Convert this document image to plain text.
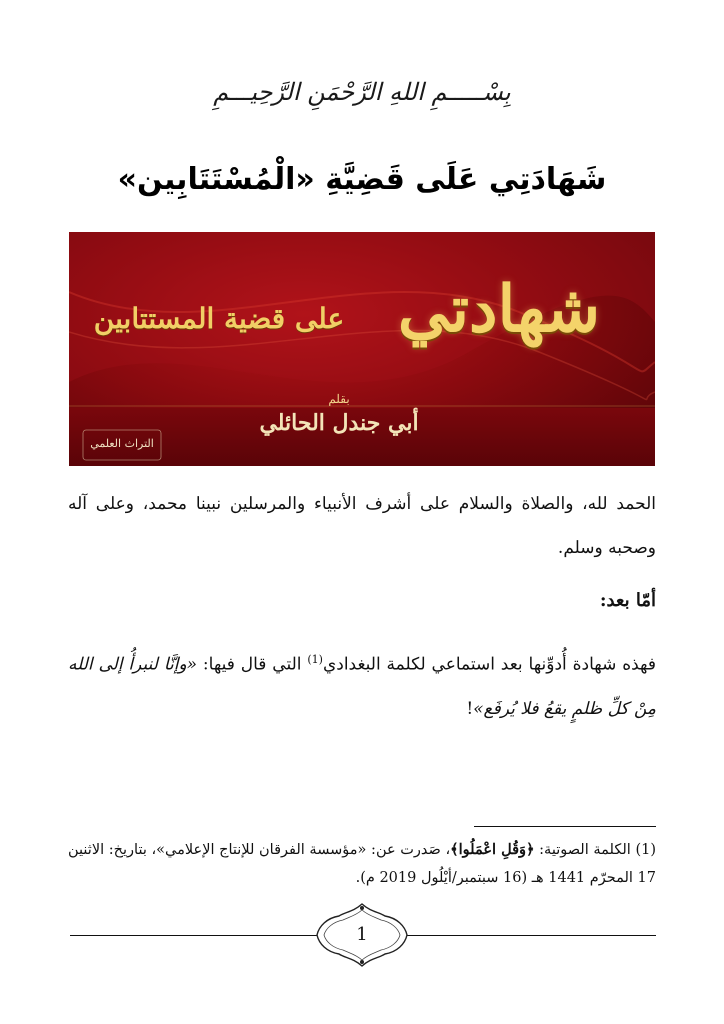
بِسْـــــمِ اللهِ الرَّحْمَنِ الرَّحِيـــمِ
شَهَادَتِي عَلَى قَضِيَّةِ «الْمُسْتَتَابِين»
شهادتي
على قضية المستتابين
بقلم
أبي جندل الحائلي
التراث العلمي
الحمد لله، والصلاة والسلام على أشرف الأنبياء والمرسلين نبينا محمد، وعلى آله وصحبه وسلم.
أمّا بعد:
فهذه شهادة أُدوِّنها بعد استماعي لكلمة البغدادي$^{(1)}$ التي قال فيها: «وإنَّا لنبرأُ إلى الله مِنْ كلِّ ظلمٍ يقعُ فلا يُرفَع»!
(1) الكلمة الصوتية: ﴿وَقُلِ اعْمَلُوا﴾، صَدرت عن: «مؤسسة الفرقان للإنتاج الإعلامي»، بتاريخ: الاثنين 17 المحرّم 1441 هـ (16 سبتمبر/أيْلُول 2019 م).
1
